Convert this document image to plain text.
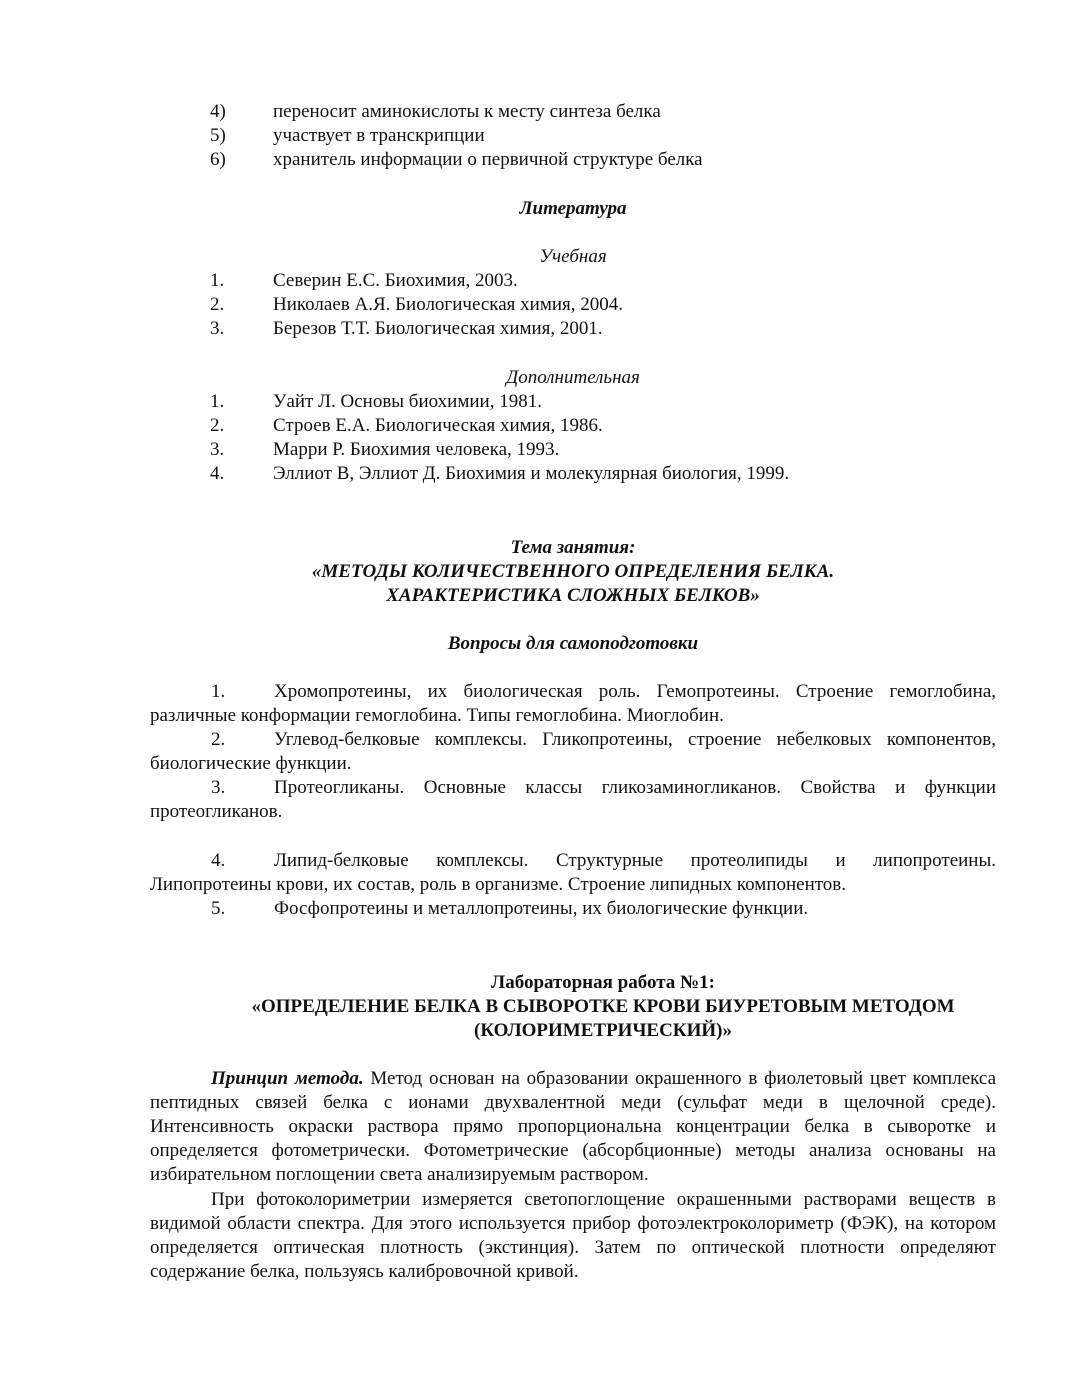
4)	переносит аминокислоты к месту синтеза белка
5)	участвует в транскрипции
6)	хранитель информации о первичной структуре белка
Литература
Учебная
1.	Северин Е.С. Биохимия, 2003.
2.	Николаев А.Я. Биологическая химия, 2004.
3.	Березов Т.Т. Биологическая химия, 2001.
Дополнительная
1.	Уайт Л. Основы биохимии, 1981.
2.	Строев Е.А. Биологическая химия, 1986.
3.	Марри Р. Биохимия человека, 1993.
4.	Эллиот В, Эллиот Д. Биохимия и молекулярная биология, 1999.
Тема занятия:
«МЕТОДЫ КОЛИЧЕСТВЕННОГО ОПРЕДЕЛЕНИЯ БЕЛКА.
ХАРАКТЕРИСТИКА СЛОЖНЫХ БЕЛКОВ»
Вопросы для самоподготовки

1.	Хромопротеины, их биологическая роль. Гемопротеины. Строение гемоглобина, различные конформации гемоглобина. Типы гемоглобина. Миоглобин.

2.	Углевод-белковые комплексы. Гликопротеины, строение небелковых компонентов, биологические функции.

3.	Протеогликаны. Основные классы гликозаминогликанов. Свойства и функции протеогликанов.

4.	Липид-белковые комплексы. Структурные протеолипиды и липопротеины. Липопротеины крови, их состав, роль в организме. Строение липидных компонентов.

5.	Фосфопротеины и металлопротеины, их биологические функции.

Лабораторная работа №1:
«ОПРЕДЕЛЕНИЕ БЕЛКА В СЫВОРОТКЕ КРОВИ БИУРЕТОВЫМ МЕТОДОМ
(КОЛОРИМЕТРИЧЕСКИЙ)»

Принцип метода. Метод основан на образовании окрашенного в фиолетовый цвет комплекса пептидных связей белка с ионами двухвалентной меди (сульфат меди в щелочной среде). Интенсивность окраски раствора прямо пропорциональна концентрации белка в сыворотке и определяется фотометрически. Фотометрические (абсорбционные) методы анализа основаны на избирательном поглощении света анализируемым раствором.

При фотоколориметрии измеряется светопоглощение окрашенными растворами веществ в видимой области спектра. Для этого используется прибор фотоэлектроколориметр (ФЭК), на котором определяется оптическая плотность (экстинция). Затем по оптической плотности определяют содержание белка, пользуясь калибровочной кривой.
